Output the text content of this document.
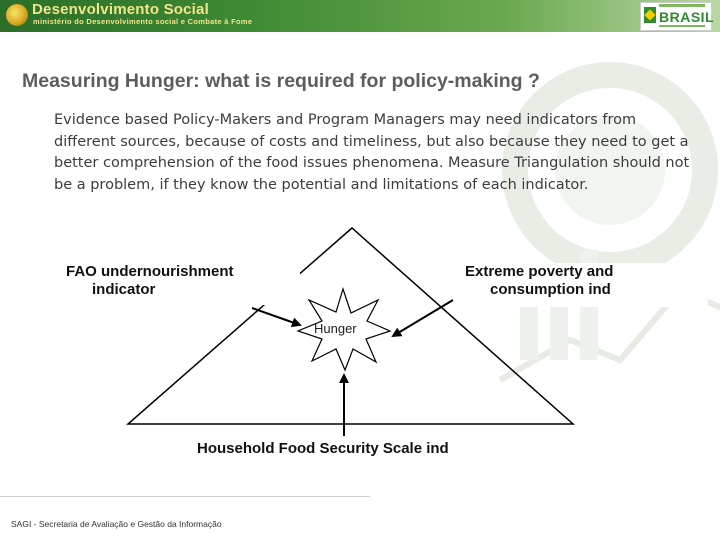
Desenvolvimento Social
ministério do Desenvolvimento social e Combate à Fome	BRASIL
Measuring Hunger: what is required for policy-making ?
Evidence based Policy-Makers and Program Managers may need indicators from different sources, because of costs and timeliness, but also because they need to get a better comprehension of the food issues phenomena. Measure Triangulation should not be a problem, if they know the potential and limitations of each indicator.
FAO undernourishment
indicator
Extreme poverty and
consumption ind
Hunger
Household Food Security Scale ind
SAGI - Secretaria de Avaliação e Gestão da Informação
